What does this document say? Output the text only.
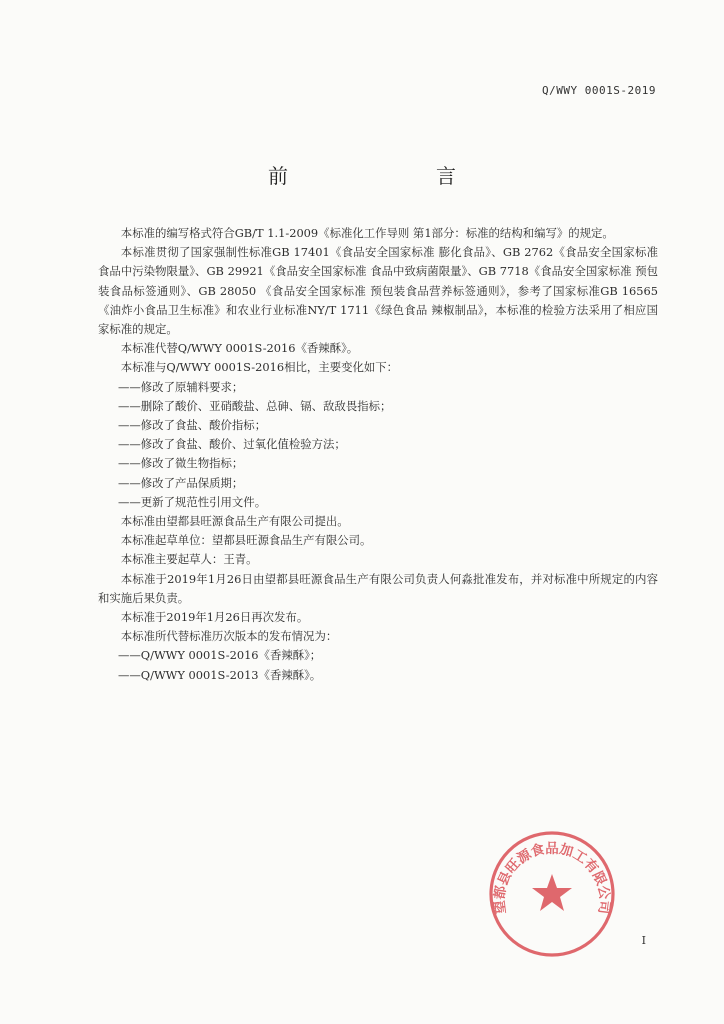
Q/WWY 0001S-2019
前　言

本标准的编写格式符合GB/T 1.1-2009《标准化工作导则 第1部分：标准的结构和编写》的规定。

本标准贯彻了国家强制性标准GB 17401《食品安全国家标准 膨化食品》、GB 2762《食品安全国家标准 食品中污染物限量》、GB 29921《食品安全国家标准 食品中致病菌限量》、GB 7718《食品安全国家标准 预包装食品标签通则》、GB 28050 《食品安全国家标准 预包装食品营养标签通则》，参考了国家标准GB 16565《油炸小食品卫生标准》和农业行业标准NY/T 1711《绿色食品 辣椒制品》，本标准的检验方法采用了相应国家标准的规定。

本标准代替Q/WWY 0001S-2016《香辣酥》。

本标准与Q/WWY 0001S-2016相比，主要变化如下：

——修改了原辅料要求；

——删除了酸价、亚硝酸盐、总砷、镉、敌敌畏指标；

——修改了食盐、酸价指标；

——修改了食盐、酸价、过氧化值检验方法；

——修改了微生物指标；

——修改了产品保质期；

——更新了规范性引用文件。

本标准由望都县旺源食品生产有限公司提出。

本标准起草单位：望都县旺源食品生产有限公司。

本标准主要起草人：王青。

本标准于2019年1月26日由望都县旺源食品生产有限公司负责人何淼批准发布，并对标准中所规定的内容和实施后果负责。

本标准于2019年1月26日再次发布。

本标准所代替标准历次版本的发布情况为：

——Q/WWY 0001S-2016《香辣酥》；

——Q/WWY 0001S-2013《香辣酥》。

望都县旺源食品加工有限公司
I
